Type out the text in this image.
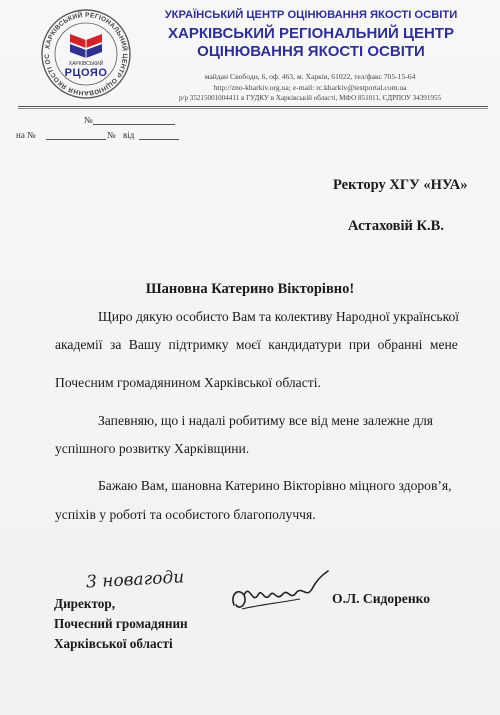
ХАРКІВСЬКИЙ РЕГІОНАЛЬНИЙ ЦЕНТР ОЦІНЮВАННЯ ЯКОСТІ ОС
ХАРКІВСЬКИЙ
РЦОЯО
УКРАЇНСЬКИЙ ЦЕНТР ОЦІНЮВАННЯ ЯКОСТІ ОСВІТИ
ХАРКІВСЬКИЙ РЕГІОНАЛЬНИЙ ЦЕНТР
ОЦІНЮВАННЯ ЯКОСТІ ОСВІТИ
майдан Свободи, 6, оф. 463, м. Харків, 61022, тел/факс 705-15-64
http://zno-kharkiv.org.ua; e-mail: rc.kharkiv@testportal.com.ua
р/р 35215001004411 в ГУДКУ в Харківській області, МФО 851011, ЄДРПОУ 34391955
№
на №	№ від
Ректору ХГУ «НУА»
Астаховій К.В.
Шановна Катерино Вікторівно!
Щиро дякую особисто Вам та колективу Народної української
академії за Вашу підтримку моєї кандидатури при обранні мене
Почесним громадянином Харківської області.
Запевняю, що і надалі робитиму все від мене залежне для
успішного розвитку Харківщини.
Бажаю Вам, шановна Катерино Вікторівно міцного здоров’я,
успіхів у роботі та особистого благополуччя.
3 новагоди
Директор,
Почесний громадянин
Харківської області
О.Л. Сидоренко
